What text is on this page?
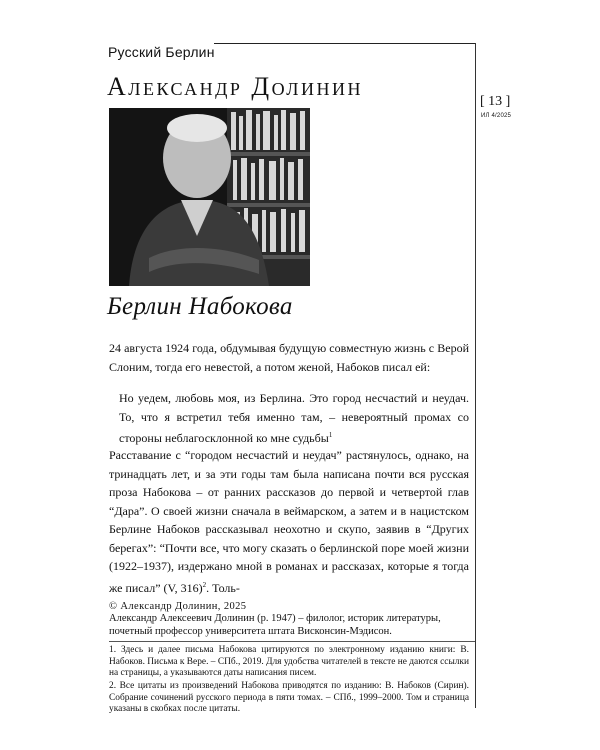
Русский Берлин
[ 13 ]
ИЛ 4/2025
Александр Долинин
Берлин Набокова
24 августа 1924 года, обдумывая будущую совместную жизнь с Верой Слоним, тогда его невестой, а потом женой, Набоков писал ей:
Но уедем, любовь моя, из Берлина. Это город несчастий и неудач. То, что я встретил тебя именно там, – невероятный промах со стороны неблагосклонной ко мне судьбы$^1$
Расставание с “городом несчастий и неудач” растянулось, однако, на тринадцать лет, и за эти годы там была написана почти вся русская проза Набокова – от ранних рассказов до первой и четвертой глав “Дара”. О своей жизни сначала в веймарском, а затем и в нацистском Берлине Набоков рассказывал неохотно и скупо, заявив в “Других берегах”: “Почти все, что могу сказать о берлинской поре моей жизни (1922–1937), издержано мной в романах и рассказах, которые я тогда же писал” (V, 316)$^2$. Толь-
© Александр Долинин, 2025
Александр Алексеевич Долинин (р. 1947) – филолог, историк литературы, почетный профессор университета штата Висконсин-Мэдисон.
1. Здесь и далее письма Набокова цитируются по электронному изданию книги: В. Набоков. Письма к Вере. – СПб., 2019. Для удобства читателей в тексте не даются ссылки на страницы, а указываются даты написания писем.
2. Все цитаты из произведений Набокова приводятся по изданию: В. Набоков (Сирин). Собрание сочинений русского периода в пяти томах. – СПб., 1999–2000. Том и страница указаны в скобках после цитаты.
